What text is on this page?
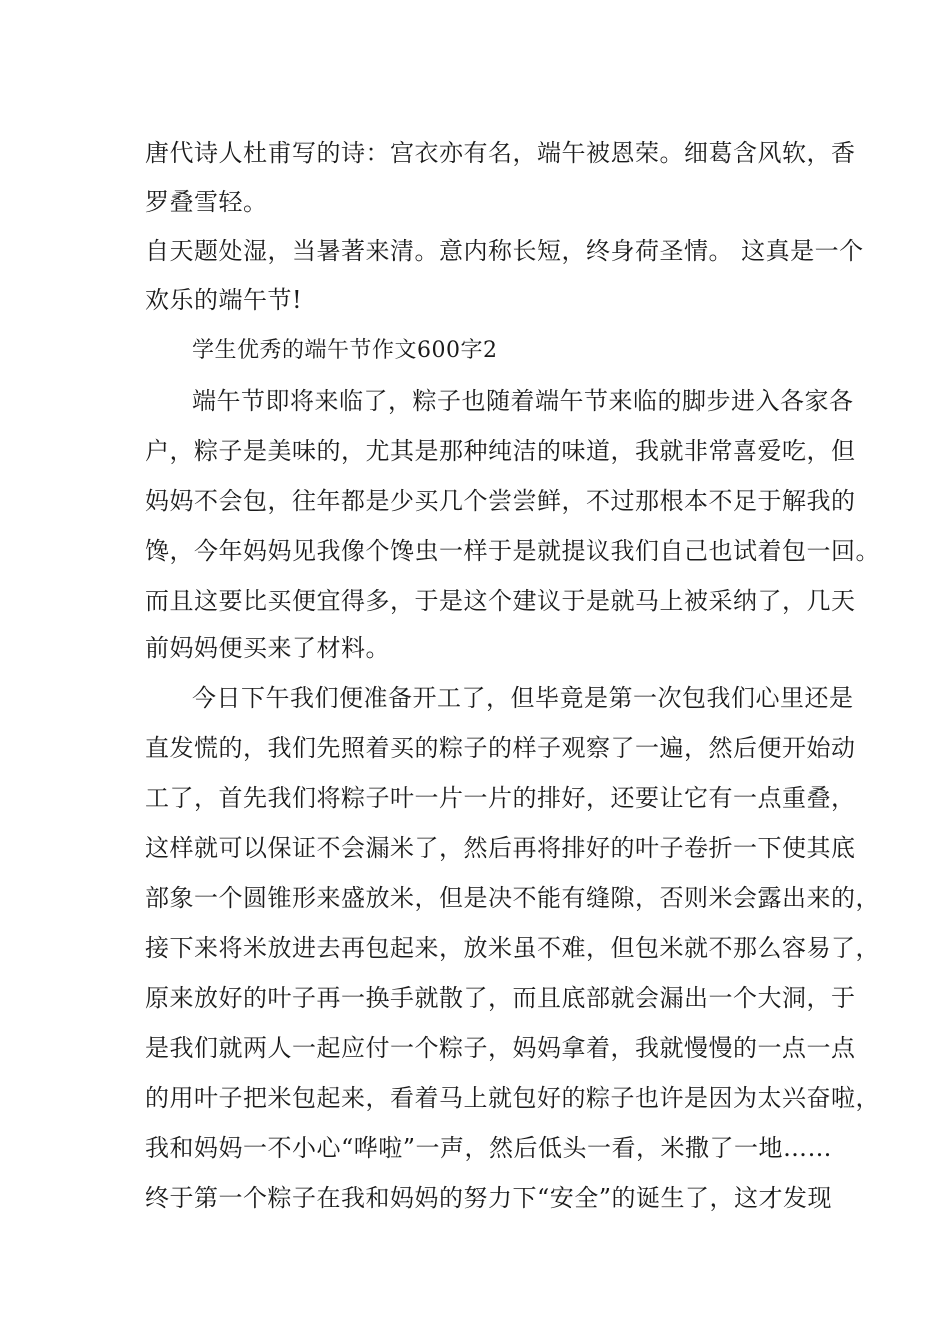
唐代诗人杜甫写的诗：宫衣亦有名，端午被恩荣。细葛含风软，香

罗叠雪轻。

自天题处湿，当暑著来清。意内称长短，终身荷圣情。 这真是一个

欢乐的端午节!

学生优秀的端午节作文600字2

端午节即将来临了，粽子也随着端午节来临的脚步进入各家各

户，粽子是美味的，尤其是那种纯洁的味道，我就非常喜爱吃，但

妈妈不会包，往年都是少买几个尝尝鲜，不过那根本不足于解我的

馋，今年妈妈见我像个馋虫一样于是就提议我们自己也试着包一回。

而且这要比买便宜得多，于是这个建议于是就马上被采纳了，几天

前妈妈便买来了材料。

今日下午我们便准备开工了，但毕竟是第一次包我们心里还是

直发慌的，我们先照着买的粽子的样子观察了一遍，然后便开始动

工了，首先我们将粽子叶一片一片的排好，还要让它有一点重叠，

这样就可以保证不会漏米了，然后再将排好的叶子卷折一下使其底

部象一个圆锥形来盛放米，但是决不能有缝隙，否则米会露出来的，

接下来将米放进去再包起来，放米虽不难，但包米就不那么容易了，

原来放好的叶子再一换手就散了，而且底部就会漏出一个大洞，于

是我们就两人一起应付一个粽子，妈妈拿着，我就慢慢的一点一点

的用叶子把米包起来，看着马上就包好的粽子也许是因为太兴奋啦，

我和妈妈一不小心“哗啦”一声，然后低头一看，米撒了一地……

终于第一个粽子在我和妈妈的努力下“安全”的诞生了，这才发现
